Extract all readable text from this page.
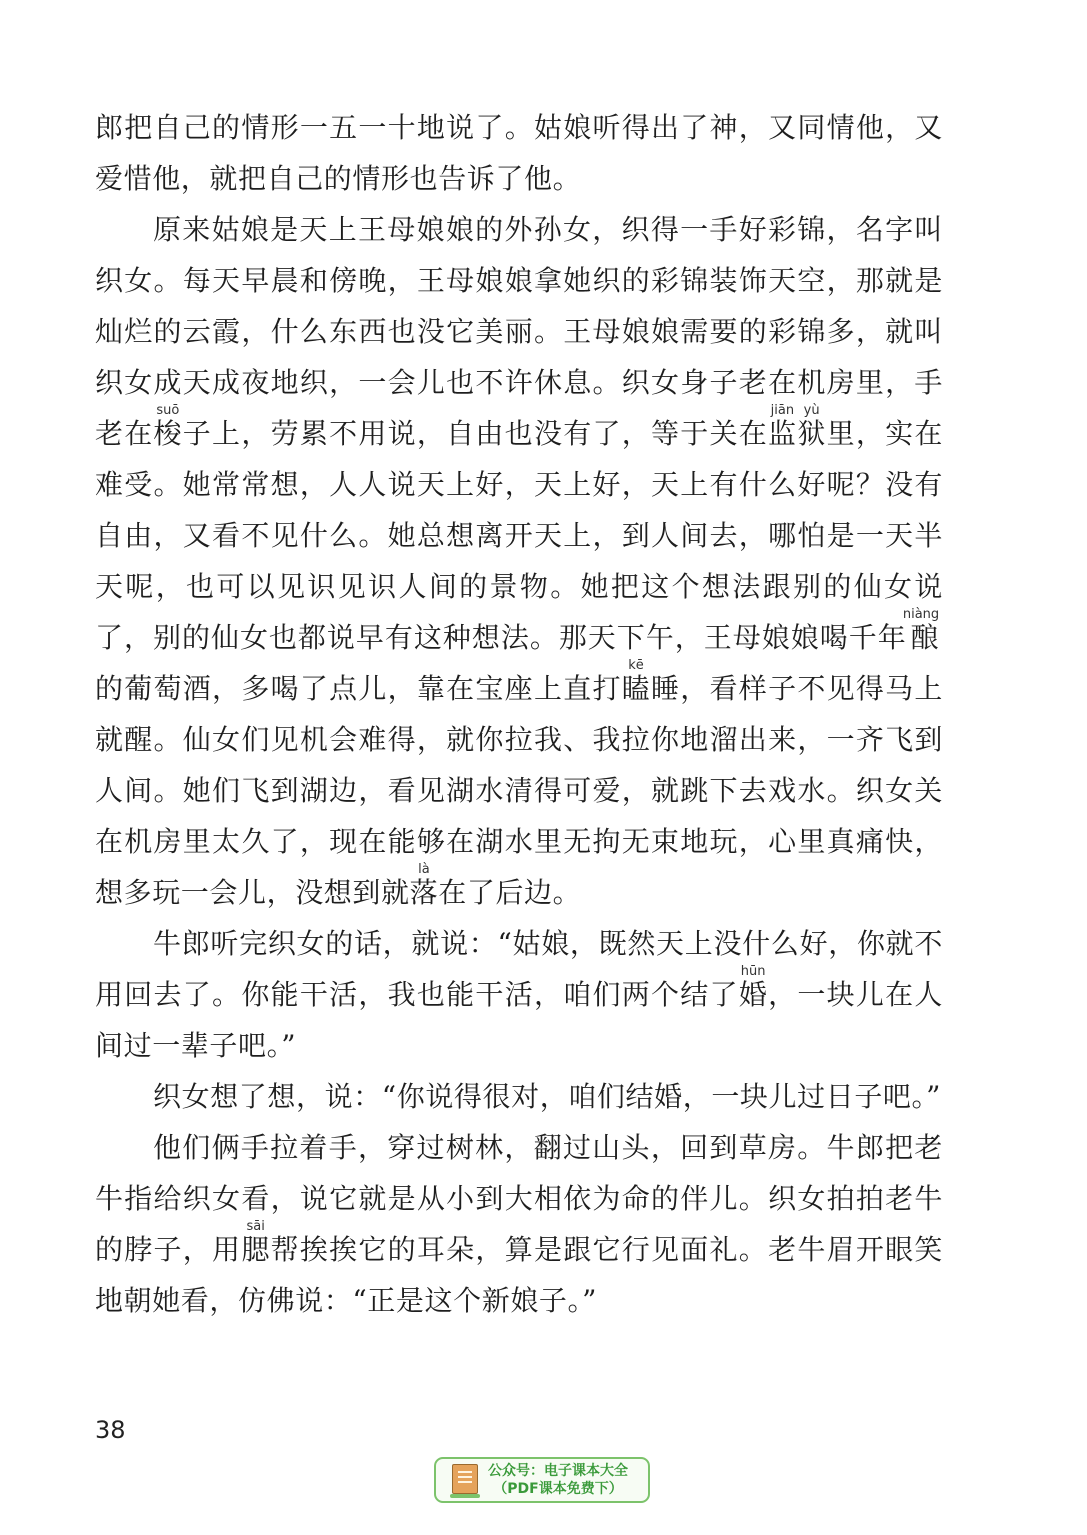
郎把自己的情形一五一十地说了。姑娘听得出了神，又同情他，又爱惜他，就把自己的情形也告诉了他。

原来姑娘是天上王母娘娘的外孙女，织得一手好彩锦，名字叫织女。每天早晨和傍晚，王母娘娘拿她织的彩锦装饰天空，那就是灿烂的云霞，什么东西也没它美丽。王母娘娘需要的彩锦多，就叫织女成天成夜地织，一会儿也不许休息。织女身子老在机房里，手老在梭suō子上，劳累不用说，自由也没有了，等于关在监jiān狱yù里，实在难受。她常常想，人人说天上好，天上好，天上有什么好呢？没有自由，又看不见什么。她总想离开天上，到人间去，哪怕是一天半天呢，也可以见识见识人间的景物。她把这个想法跟别的仙女说了，别的仙女也都说早有这种想法。那天下午，王母娘娘喝千年酿niàng的葡萄酒，多喝了点儿，靠在宝座上直打瞌kē睡，看样子不见得马上就醒。仙女们见机会难得，就你拉我、我拉你地溜出来，一齐飞到人间。她们飞到湖边，看见湖水清得可爱，就跳下去戏水。织女关在机房里太久了，现在能够在湖水里无拘无束地玩，心里真痛快，想多玩一会儿，没想到就落là在了后边。

牛郎听完织女的话，就说：“姑娘，既然天上没什么好，你就不用回去了。你能干活，我也能干活，咱们两个结了婚hūn，一块儿在人间过一辈子吧。”

织女想了想，说：“你说得很对，咱们结婚，一块儿过日子吧。”

他们俩手拉着手，穿过树林，翻过山头，回到草房。牛郎把老牛指给织女看，说它就是从小到大相依为命的伴儿。织女拍拍老牛的脖子，用腮sāi帮挨挨它的耳朵，算是跟它行见面礼。老牛眉开眼笑地朝她看，仿佛说：“正是这个新娘子。”

38
公众号：电子课本大全
（PDF课本免费下）
